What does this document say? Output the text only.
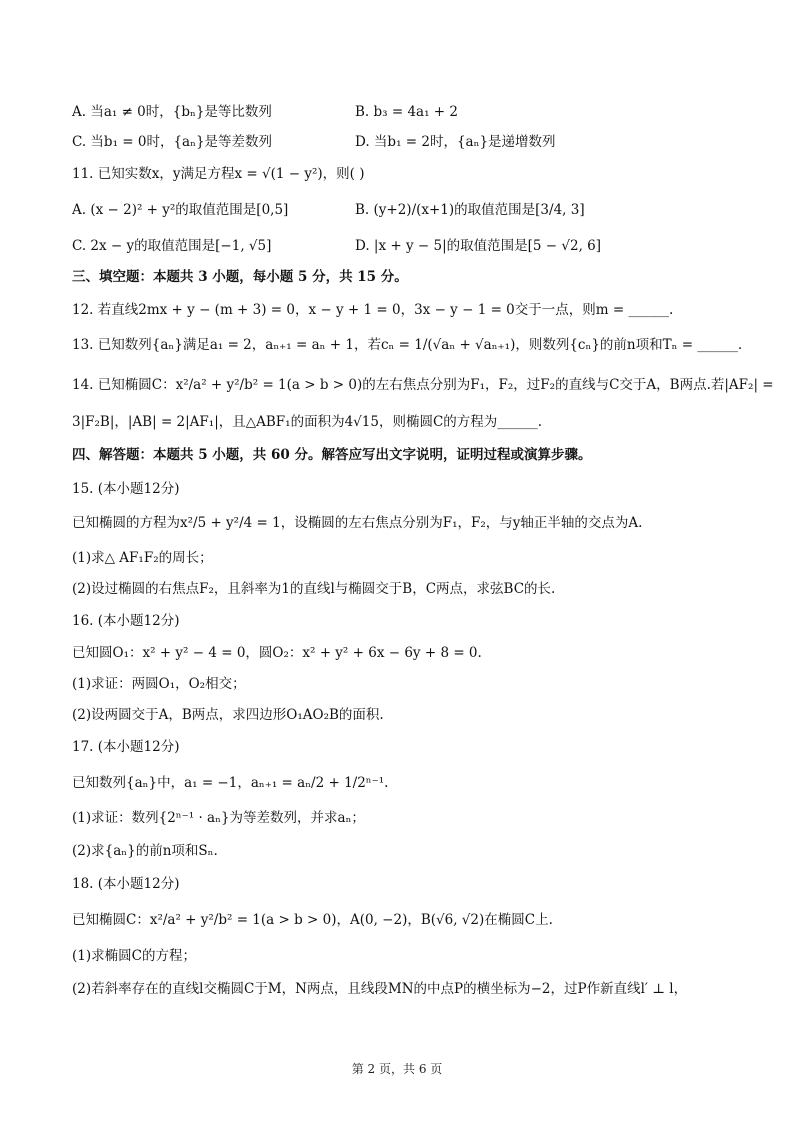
A. 当a₁ ≠ 0时，{bₙ}是等比数列	B. b₃ = 4a₁ + 2
C. 当b₁ = 0时，{aₙ}是等差数列	D. 当b₁ = 2时，{aₙ}是递增数列
11. 已知实数x，y满足方程x = √(1 − y²)，则( )
A. (x − 2)² + y²的取值范围是[0,5]	B. (y+2)/(x+1)的取值范围是[3/4, 3]
C. 2x − y的取值范围是[−1, √5]	D. |x + y − 5|的取值范围是[5 − √2, 6]
三、填空题：本题共 3 小题，每小题 5 分，共 15 分。
12. 若直线2mx + y − (m + 3) = 0，x − y + 1 = 0，3x − y − 1 = 0交于一点，则m = ______.
13. 已知数列{aₙ}满足a₁ = 2，aₙ₊₁ = aₙ + 1，若cₙ = 1/(√aₙ + √aₙ₊₁)，则数列{cₙ}的前n项和Tₙ = ______.
14. 已知椭圆C：x²/a² + y²/b² = 1(a > b > 0)的左右焦点分别为F₁，F₂，过F₂的直线与C交于A，B两点.若|AF₂| =
3|F₂B|，|AB| = 2|AF₁|，且△ABF₁的面积为4√15，则椭圆C的方程为______.
四、解答题：本题共 5 小题，共 60 分。解答应写出文字说明，证明过程或演算步骤。
15. (本小题12分)
已知椭圆的方程为x²/5 + y²/4 = 1，设椭圆的左右焦点分别为F₁，F₂，与y轴正半轴的交点为A.
(1)求△ AF₁F₂的周长；
(2)设过椭圆的右焦点F₂，且斜率为1的直线l与椭圆交于B，C两点，求弦BC的长.
16. (本小题12分)
已知圆O₁：x² + y² − 4 = 0，圆O₂：x² + y² + 6x − 6y + 8 = 0.
(1)求证：两圆O₁，O₂相交；
(2)设两圆交于A，B两点，求四边形O₁AO₂B的面积.
17. (本小题12分)
已知数列{aₙ}中，a₁ = −1，aₙ₊₁ = aₙ/2 + 1/2ⁿ⁻¹.
(1)求证：数列{2ⁿ⁻¹ · aₙ}为等差数列，并求aₙ；
(2)求{aₙ}的前n项和Sₙ.
18. (本小题12分)
已知椭圆C：x²/a² + y²/b² = 1(a > b > 0)，A(0, −2)，B(√6, √2)在椭圆C上.
(1)求椭圆C的方程；
(2)若斜率存在的直线l交椭圆C于M，N两点，且线段MN的中点P的横坐标为−2，过P作新直线l′ ⊥ l，
第 2 页，共 6 页
